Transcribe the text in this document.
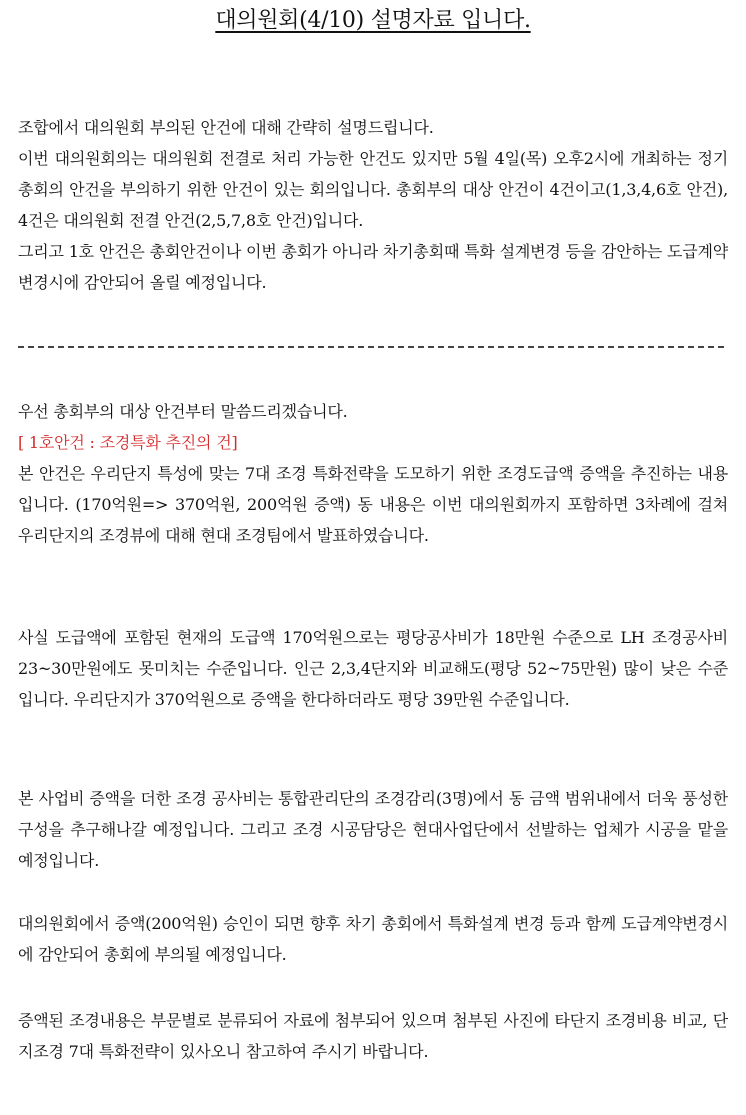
대의원회(4/10) 설명자료 입니다.

조합에서 대의원회 부의된 안건에 대해 간략히 설명드립니다.

이번 대의원회의는 대의원회 전결로 처리 가능한 안건도 있지만 5월 4일(목) 오후2시에 개최하는 정기총회의 안건을 부의하기 위한 안건이 있는 회의입니다. 총회부의 대상 안건이 4건이고(1,3,4,6호 안건), 4건은 대의원회 전결 안건(2,5,7,8호 안건)입니다.

그리고 1호 안건은 총회안건이나 이번 총회가 아니라 차기총회때 특화 설계변경 등을 감안하는 도급계약 변경시에 감안되어 올릴 예정입니다.

우선 총회부의 대상 안건부터 말씀드리겠습니다.

[ 1호안건 : 조경특화 추진의 건]

본 안건은 우리단지 특성에 맞는 7대 조경 특화전략을 도모하기 위한 조경도급액 증액을 추진하는 내용입니다. (170억원=> 370억원, 200억원 증액) 동 내용은 이번 대의원회까지 포함하면 3차례에 걸쳐 우리단지의 조경뷰에 대해 현대 조경팀에서 발표하였습니다.

사실 도급액에 포함된 현재의 도급액 170억원으로는 평당공사비가 18만원 수준으로 LH 조경공사비 23~30만원에도 못미치는 수준입니다. 인근 2,3,4단지와 비교해도(평당 52~75만원) 많이 낮은 수준입니다. 우리단지가 370억원으로 증액을 한다하더라도 평당 39만원 수준입니다.

본 사업비 증액을 더한 조경 공사비는 통합관리단의 조경감리(3명)에서 동 금액 범위내에서 더욱 풍성한 구성을 추구해나갈 예정입니다. 그리고 조경 시공담당은 현대사업단에서 선발하는 업체가 시공을 맡을 예정입니다.

대의원회에서 증액(200억원) 승인이 되면 향후 차기 총회에서 특화설계 변경 등과 함께 도급계약변경시에 감안되어 총회에 부의될 예정입니다.

증액된 조경내용은 부문별로 분류되어 자료에 첨부되어 있으며 첨부된 사진에 타단지 조경비용 비교, 단지조경 7대 특화전략이 있사오니 참고하여 주시기 바랍니다.
